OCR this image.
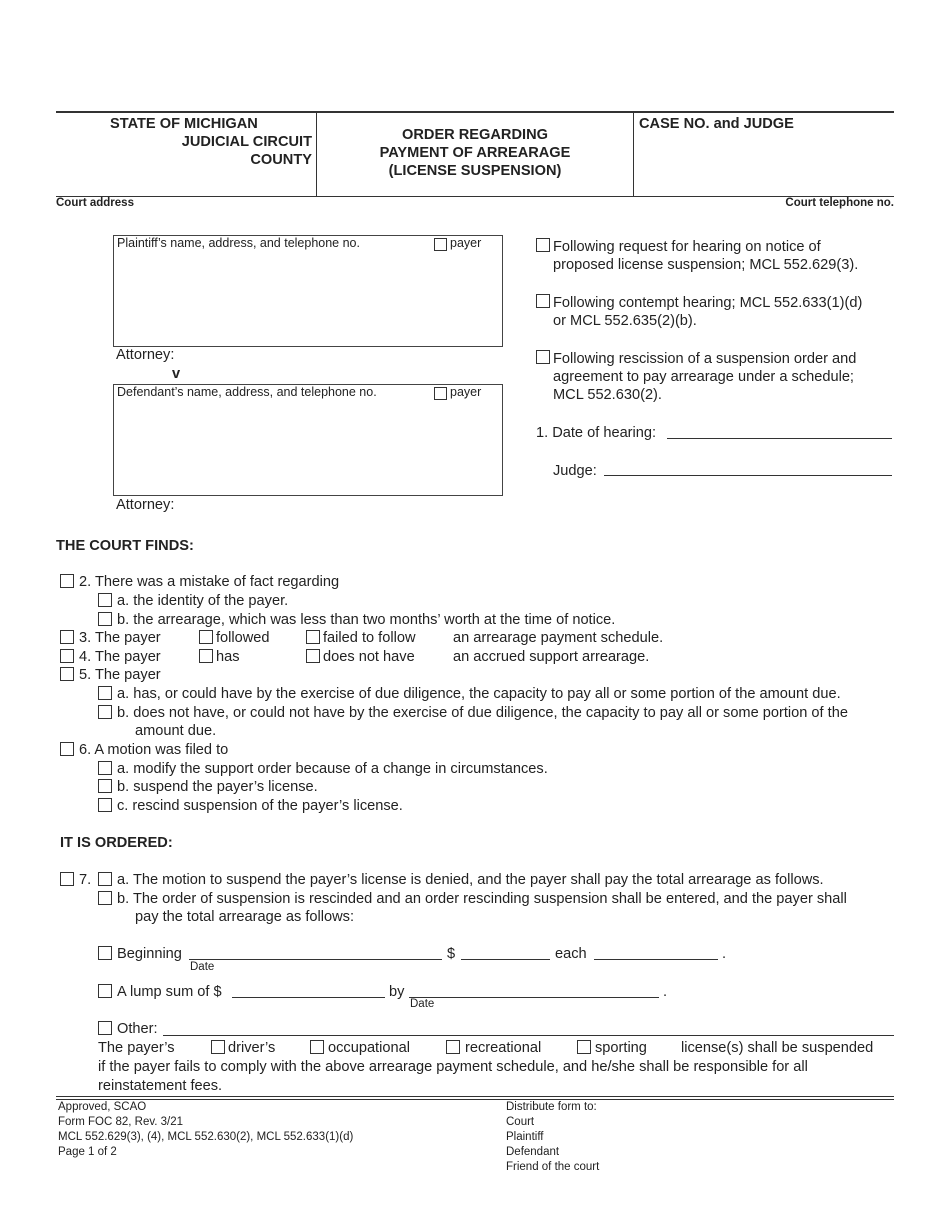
STATE OF MICHIGAN
JUDICIAL CIRCUIT
COUNTY
ORDER REGARDING
PAYMENT OF ARREARAGE
(LICENSE SUSPENSION)
CASE NO. and JUDGE
Court address	Court telephone no.
Plaintiff’s name, address, and telephone no.	payer
Attorney:
v
Defendant’s name, address, and telephone no.	payer
Attorney:
Following request for hearing on notice of
proposed license suspension; MCL 552.629(3).
Following contempt hearing; MCL 552.633(1)(d)
or MCL 552.635(2)(b).
Following rescission of a suspension order and
agreement to pay arrearage under a schedule;
MCL 552.630(2).
1. Date of hearing:
Judge:
THE COURT FINDS:
2. There was a mistake of fact regarding
a. the identity of the payer.
b. the arrearage, which was less than two months’ worth at the time of notice.
3. The payer	followed	failed to follow	an arrearage payment schedule.
4. The payer	has	does not have	an accrued support arrearage.
5. The payer
a. has, or could have by the exercise of due diligence, the capacity to pay all or some portion of the amount due.
b. does not have, or could not have by the exercise of due diligence, the capacity to pay all or some portion of the
amount due.
6. A motion was filed to
a. modify the support order because of a change in circumstances.
b. suspend the payer’s license.
c. rescind suspension of the payer’s license.
IT IS ORDERED:
7. a. The motion to suspend the payer’s license is denied, and the payer shall pay the total arrearage as follows.
b. The order of suspension is rescinded and an order rescinding suspension shall be entered, and the payer shall
pay the total arrearage as follows:
Beginning
Date
$	each	.
A lump sum of $	by
Date
.
Other:
The payer’s	driver’s	occupational	recreational	sporting license(s) shall be suspended
if the payer fails to comply with the above arrearage payment schedule, and he/she shall be responsible for all
reinstatement fees.
Approved, SCAO
Form FOC 82, Rev. 3/21
MCL 552.629(3), (4), MCL 552.630(2), MCL 552.633(1)(d)
Page 1 of 2
Distribute form to:
Court
Plaintiff
Defendant
Friend of the court
